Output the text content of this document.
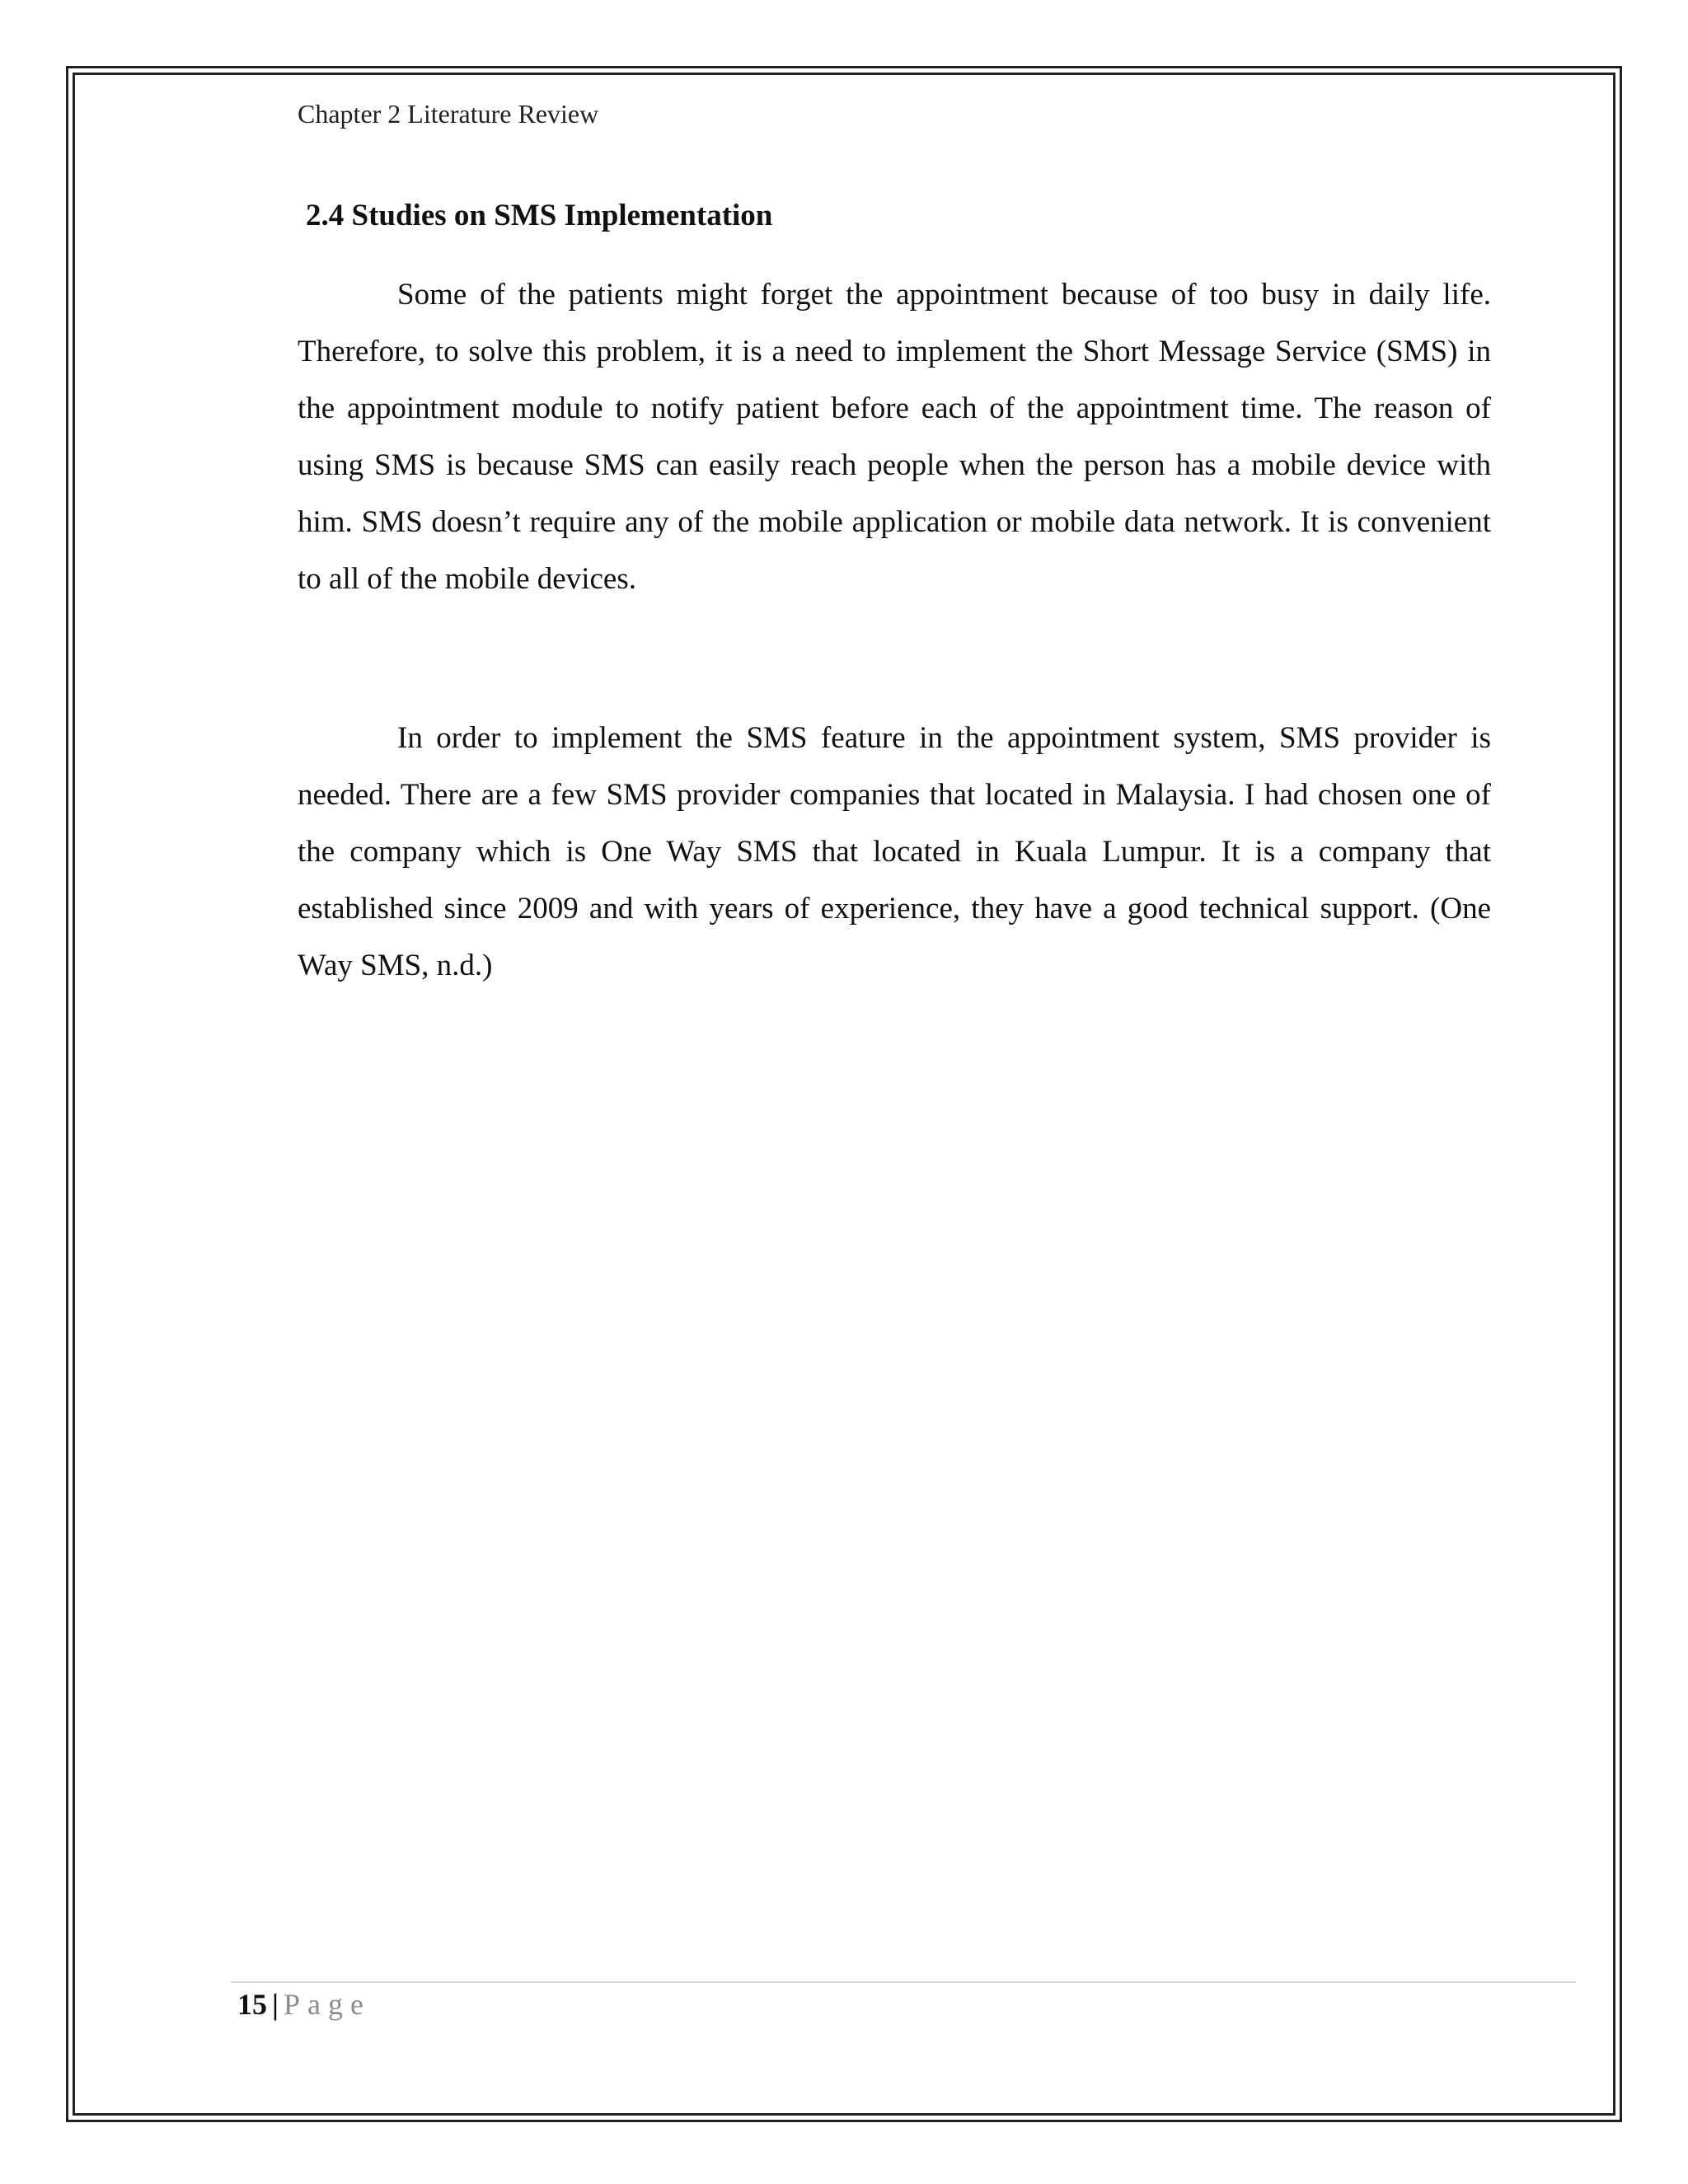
Chapter 2 Literature Review
2.4 Studies on SMS Implementation

Some of the patients might forget the appointment because of too busy in daily life. Therefore, to solve this problem, it is a need to implement the Short Message Service (SMS) in the appointment module to notify patient before each of the appointment time. The reason of using SMS is because SMS can easily reach people when the person has a mobile device with him. SMS doesn’t require any of the mobile application or mobile data network. It is convenient to all of the mobile devices.

In order to implement the SMS feature in the appointment system, SMS provider is needed. There are a few SMS provider companies that located in Malaysia. I had chosen one of the company which is One Way SMS that located in Kuala Lumpur. It is a company that established since 2009 and with years of experience, they have a good technical support. (One Way SMS, n.d.)

15 | Page
